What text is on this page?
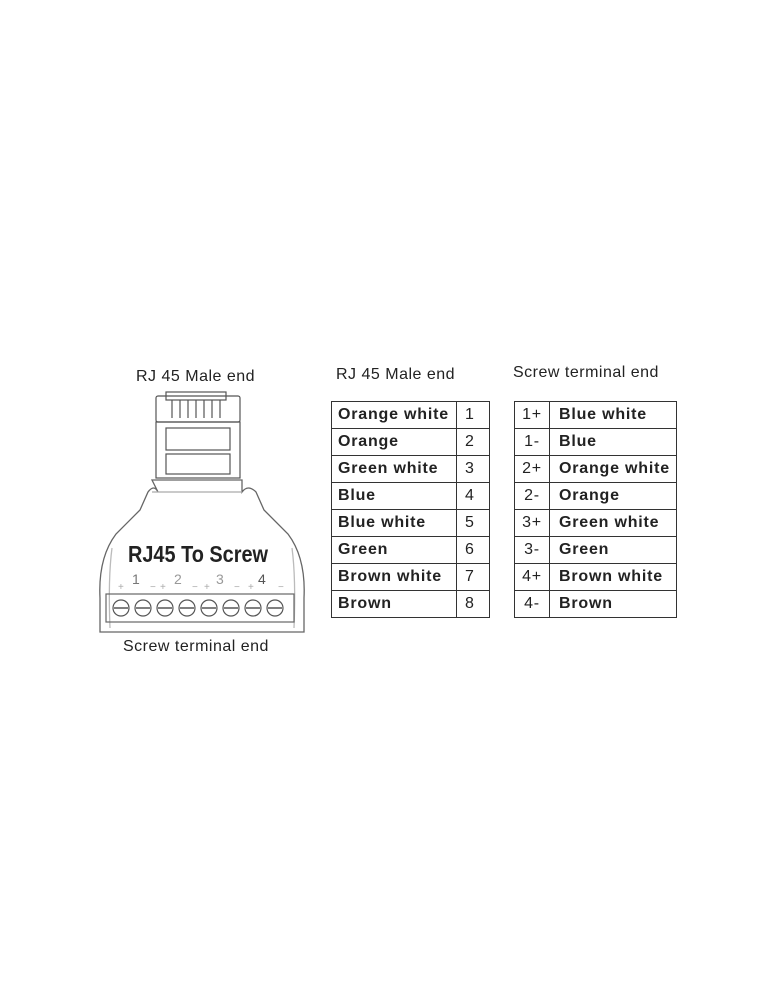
RJ 45 Male end
RJ45 To Screw
1 2 3 4
+	− +	− + − + −
Screw terminal end
RJ 45 Male end
Orange white	1
Orange	2
Green white	3
Blue	4
Blue white	5
Green	6
Brown white	7
Brown	8
Screw terminal end
1+	Blue white
1-	Blue
2+	Orange white
2-	Orange
3+	Green white
3-	Green
4+	Brown white
4-	Brown
